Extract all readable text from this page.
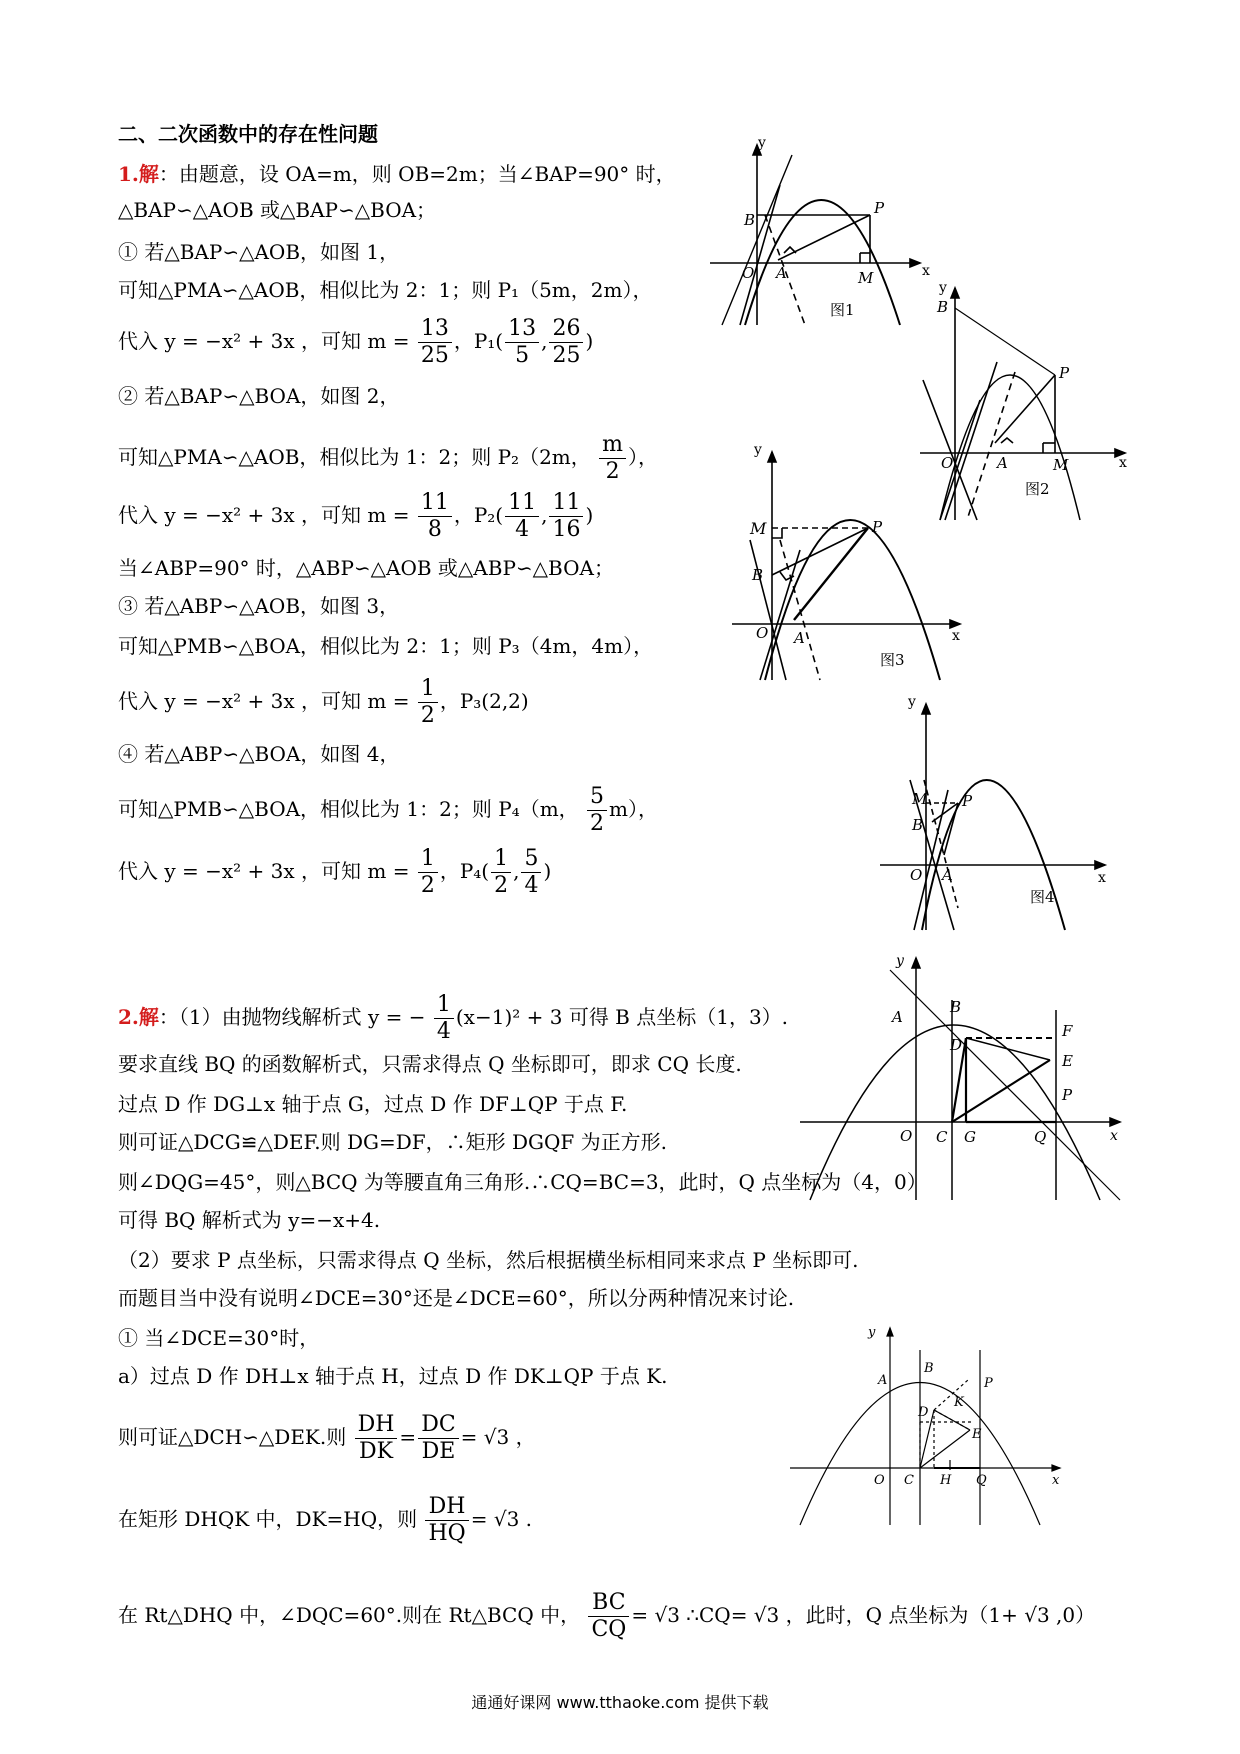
二、二次函数中的存在性问题
1.解：由题意，设 OA=m，则 OB=2m；当∠BAP=90° 时，
△BAP∽△AOB 或△BAP∽△BOA；
① 若△BAP∽△AOB，如图 1，
可知△PMA∽△AOB，相似比为 2：1；则 P₁（5m，2m），
代入 y = −x² + 3x ，可知 $m = \frac{13}{25}$ ，$P_1( \frac{13}{5}$ , $\frac{26}{25}$ )
② 若△BAP∽△BOA，如图 2，
可知△PMA∽△AOB，相似比为 1：2；则 P₂（2m， $\frac{m}{2}$ ），
代入 y = −x² + 3x ，可知 $m = \frac{11}{8}$ ，$P_2( \frac{11}{4}$ , $\frac{11}{16}$ )
当∠ABP=90° 时，△ABP∽△AOB 或△ABP∽△BOA；
③ 若△ABP∽△AOB，如图 3，
可知△PMB∽△BOA，相似比为 2：1；则 P₃（4m，4m），
代入 y = −x² + 3x ，可知 $m = \frac{1}{2}$ ，P₃(2,2)
④ 若△ABP∽△BOA，如图 4，
可知△PMB∽△BOA，相似比为 1：2；则 P₄（m， $\frac{5}{2} m$），
代入 y = −x² + 3x ，可知 $m = \frac{1}{2}$ ，$P_4( \frac{1}{2}$ , $\frac{5}{4}$ )
2.解：（1）由抛物线解析式 y = − $\frac{1}{4} (x-1)^2 + 3$ 可得 B 点坐标（1，3）.
要求直线 BQ 的函数解析式，只需求得点 Q 坐标即可，即求 CQ 长度.
过点 D 作 DG⊥x 轴于点 G，过点 D 作 DF⊥QP 于点 F.
则可证△DCG≌△DEF.则 DG=DF，∴矩形 DGQF 为正方形.
则∠DQG=45°，则△BCQ 为等腰直角三角形.∴CQ=BC=3，此时，Q 点坐标为（4，0）
可得 BQ 解析式为 y=−x+4.
（2）要求 P 点坐标，只需求得点 Q 坐标，然后根据横坐标相同来求点 P 坐标即可.
而题目当中没有说明∠DCE=30°还是∠DCE=60°，所以分两种情况来讨论.
① 当∠DCE=30°时，
a）过点 D 作 DH⊥x 轴于点 H，过点 D 作 DK⊥QP 于点 K.
则可证△DCH∽△DEK.则 $\frac{DH}{DK} = \frac{DC}{DE} = √3$ ，
在矩形 DHQK 中，DK=HQ，则 $\frac{DH}{HQ} = √3$ .
在 Rt△DHQ 中，∠DQC=60°.则在 Rt△BCQ 中， $\frac{BC}{CQ} = √3$ ∴CQ= √3 ，此时，Q 点坐标为（1+ √3 ,0）
y
x
B
O A
P
M
图1
y
x
B
O	A
P
M
图2
y
x
M
B
O A
P
图3
y
x
M
B
O A
P
图4
y
x
A
B
D
F
E
P
O C G	Q
y
x
A
B
P
K
D
E
O C H Q
通通好课网 www.tthaoke.com 提供下载
